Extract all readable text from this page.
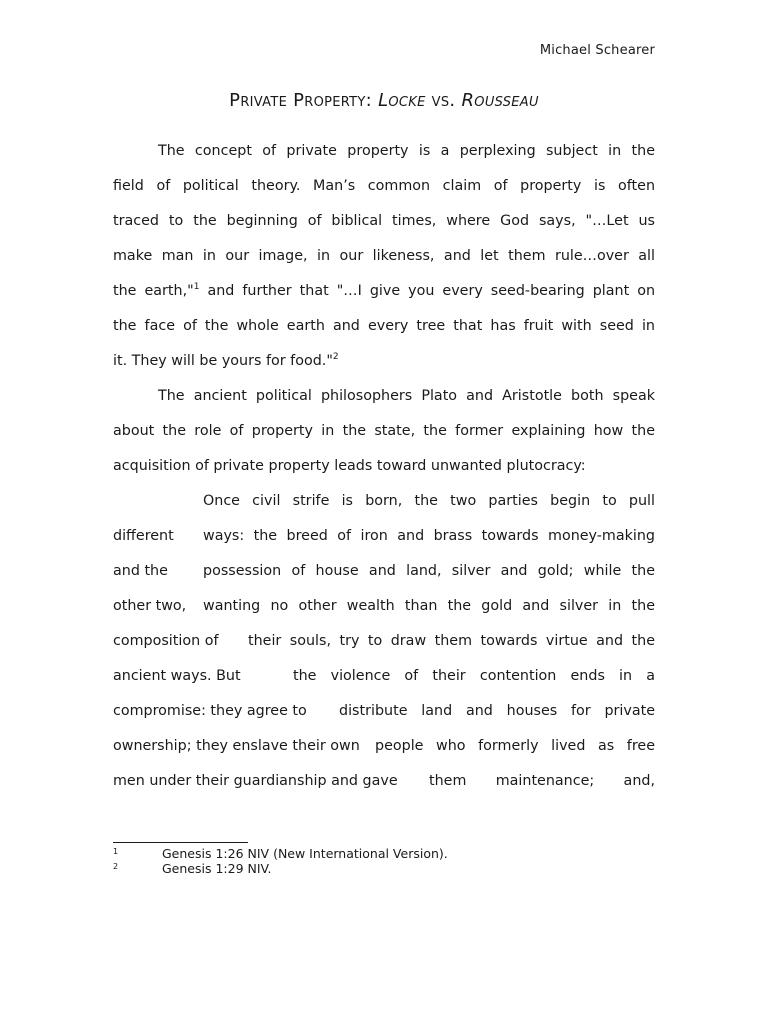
Michael Schearer
Private Property: Locke vs. Rousseau
The concept of private property is a perplexing subject in the
field of political theory. Man’s common claim of property is often
traced to the beginning of biblical times, where God says, "…Let us
make man in our image, in our likeness, and let them rule…over all
the earth,"$^1$ and further that "…I give you every seed-bearing plant on
the face of the whole earth and every tree that has fruit with seed in
it. They will be yours for food."$^2$
The ancient political philosophers Plato and Aristotle both speak
about the role of property in the state, the former explaining how the
acquisition of private property leads toward unwanted plutocracy:
Once civil strife is born, the two parties begin to pull
different	ways: the breed of iron and brass towards money-making
and the	possession of house and land, silver and gold; while the
other two,	wanting no other wealth than the gold and silver in the
composition of	their souls, try to draw them towards virtue and the
ancient ways. But	the violence of their contention ends in a
compromise: they agree to	distribute land and houses for private
ownership; they enslave their own	people who formerly lived as free
men under their guardianship and gave	them maintenance; and,
1	Genesis 1:26 NIV (New International Version).
2	Genesis 1:29 NIV.
